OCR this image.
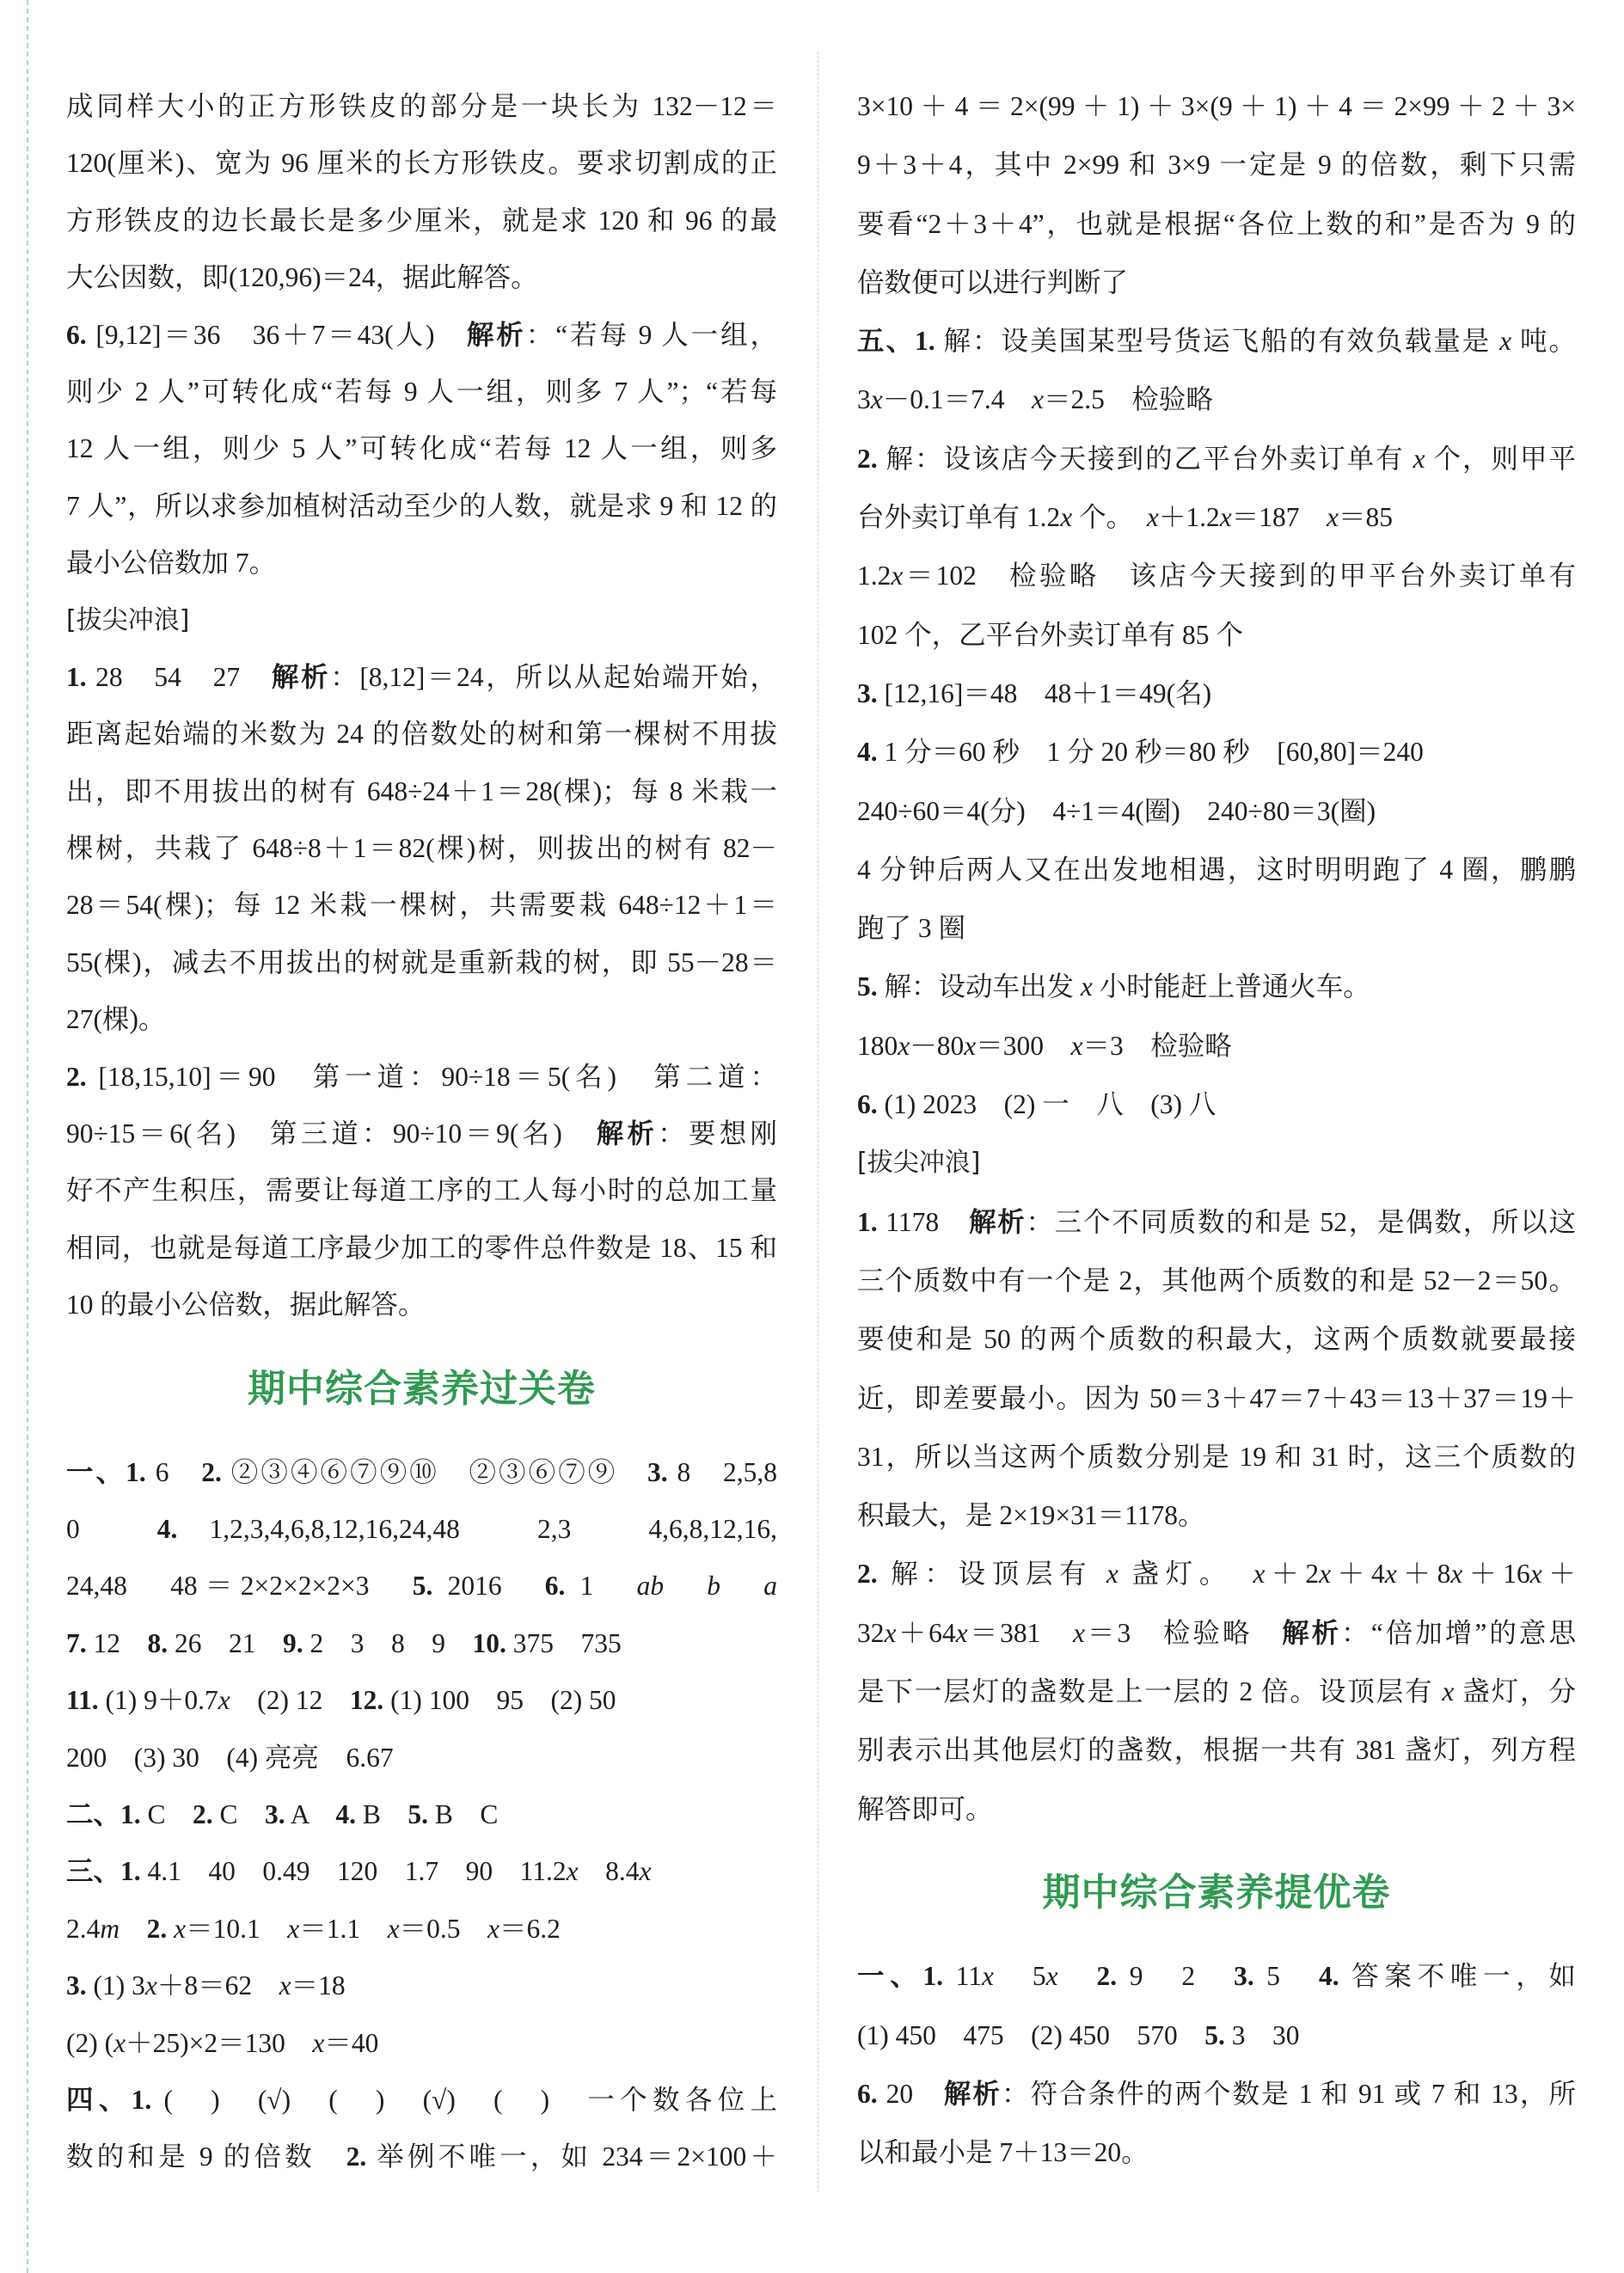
成同样大小的正方形铁皮的部分是一块长为 132－12＝
120(厘米)、宽为 96 厘米的长方形铁皮。要求切割成的正
方形铁皮的边长最长是多少厘米，就是求 120 和 96 的最
大公因数，即(120,96)＝24，据此解答。
6. [9,12]＝36　36＋7＝43(人)　解析：“若每 9 人一组，
则少 2 人”可转化成“若每 9 人一组，则多 7 人”；“若每
12 人一组，则少 5 人”可转化成“若每 12 人一组，则多
7 人”，所以求参加植树活动至少的人数，就是求 9 和 12 的
最小公倍数加 7。
[拔尖冲浪]
1. 28　54　27　解析：[8,12]＝24，所以从起始端开始，
距离起始端的米数为 24 的倍数处的树和第一棵树不用拔
出，即不用拔出的树有 648÷24＋1＝28(棵)；每 8 米栽一
棵树，共栽了 648÷8＋1＝82(棵)树，则拔出的树有 82－
28＝54(棵)；每 12 米栽一棵树，共需要栽 648÷12＋1＝
55(棵)，减去不用拔出的树就是重新栽的树，即 55－28＝
27(棵)。
2. [18,15,10]＝90　第一道：90÷18＝5(名)　第二道：
90÷15＝6(名)　第三道：90÷10＝9(名)　解析：要想刚
好不产生积压，需要让每道工序的工人每小时的总加工量
相同，也就是每道工序最少加工的零件总件数是 18、15 和
10 的最小公倍数，据此解答。
期中综合素养过关卷
一、1. 6　2. ②③④⑥⑦⑨⑩　②③⑥⑦⑨　3. 8　2,5,8
0　4. 1,2,3,4,6,8,12,16,24,48　2,3　4,6,8,12,16,
24,48　48＝2×2×2×2×3　5. 2016　6. 1　ab　 b　 a
7. 12　8. 26　21　9. 2　3　8　9　10. 375　735
11. (1) 9＋0.7x　(2) 12　12. (1) 100　95　(2) 50
200　(3) 30　(4) 亮亮　6.67
二、1. C　2. C　3. A　4. B　5. B　C
三、1. 4.1　40　0.49　120　1.7　90　11.2x　8.4x
2.4m　 2. x＝10.1　x＝1.1　x＝0.5　x＝6.2
3. (1) 3x＋8＝62　x＝18
(2) (x＋25)×2＝130　x＝40
四、1. (　)　(√)　(　)　(√)　(　)　一个数各位上
数的和是 9 的倍数　2. 举例不唯一，如 234＝2×100＋
3×10＋4＝2×(99＋1)＋3×(9＋1)＋4＝2×99＋2＋3×
9＋3＋4，其中 2×99 和 3×9 一定是 9 的倍数，剩下只需
要看“2＋3＋4”，也就是根据“各位上数的和”是否为 9 的
倍数便可以进行判断了
五、1. 解：设美国某型号货运飞船的有效负载量是 x 吨。
3x－0.1＝7.4　x＝2.5　检验略
2. 解：设该店今天接到的乙平台外卖订单有 x 个，则甲平
台外卖订单有 1.2x 个。　x＋1.2x＝187　x＝85
1.2x＝102　检验略　该店今天接到的甲平台外卖订单有
102 个，乙平台外卖订单有 85 个
3. [12,16]＝48　48＋1＝49(名)
4. 1 分＝60 秒　1 分 20 秒＝80 秒　[60,80]＝240
240÷60＝4(分)　4÷1＝4(圈)　240÷80＝3(圈)
4 分钟后两人又在出发地相遇，这时明明跑了 4 圈，鹏鹏
跑了 3 圈
5. 解：设动车出发 x 小时能赶上普通火车。
180x－80x＝300　x＝3　检验略
6. (1) 2023　(2) 一　八　(3) 八
[拔尖冲浪]
1. 1178　解析：三个不同质数的和是 52，是偶数，所以这
三个质数中有一个是 2，其他两个质数的和是 52－2＝50。
要使和是 50 的两个质数的积最大，这两个质数就要最接
近，即差要最小。因为 50＝3＋47＝7＋43＝13＋37＝19＋
31，所以当这两个质数分别是 19 和 31 时，这三个质数的
积最大，是 2×19×31＝1178。
2. 解：设顶层有 x 盏灯。　x＋2x＋4x＋8x＋16x＋
32x＋64x＝381　x＝3　检验略　解析：“倍加增”的意思
是下一层灯的盏数是上一层的 2 倍。设顶层有 x 盏灯，分
别表示出其他层灯的盏数，根据一共有 381 盏灯，列方程
解答即可。
期中综合素养提优卷
一、1. 11x　5x　 2. 9　2　3. 5　4. 答案不唯一，如
(1) 450　475　(2) 450　570　5. 3　30
6. 20　解析：符合条件的两个数是 1 和 91 或 7 和 13，所
以和最小是 7＋13＝20。
